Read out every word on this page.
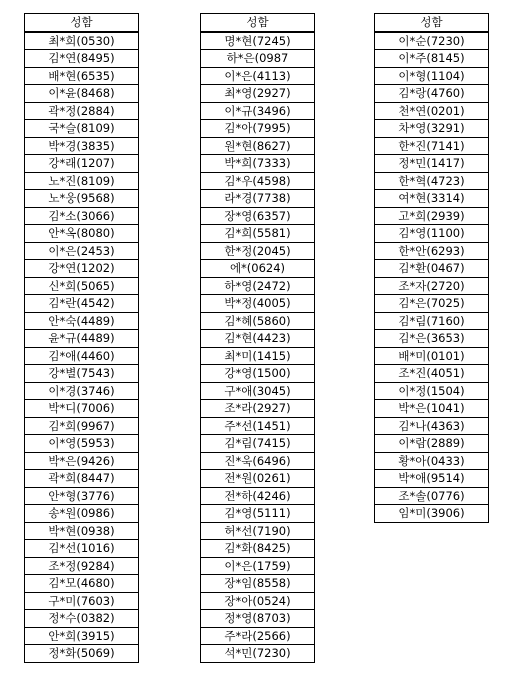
성함
최*희(0530)
김*연(8495)
배*현(6535)
이*윤(8468)
곽*정(2884)
국*슬(8109)
박*경(3835)
강*래(1207)
노*진(8109)
노*웅(9568)
김*소(3066)
안*옥(8080)
이*은(2453)
강*연(1202)
신*희(5065)
김*란(4542)
안*숙(4489)
윤*규(4489)
김*애(4460)
강*별(7543)
이*경(3746)
박*디(7006)
김*희(9967)
이*영(5953)
박*은(9426)
곽*희(8447)
안*형(3776)
송*원(0986)
박*현(0938)
김*선(1016)
조*정(9284)
김*모(4680)
구*미(7603)
정*수(0382)
안*희(3915)
정*화(5069)
성함
명*현(7245)
하*은(0987
이*은(4113)
최*영(2927)
이*규(3496)
김*아(7995)
원*현(8627)
박*희(7333)
김*우(4598)
라*경(7738)
장*영(6357)
김*희(5581)
한*정(2045)
에*(0624)
하*영(2472)
박*정(4005)
김*혜(5860)
김*현(4423)
최*미(1415)
강*영(1500)
구*애(3045)
조*라(2927)
주*선(1451)
김*림(7415)
진*욱(6496)
전*원(0261)
전*하(4246)
김*영(5111)
허*선(7190)
김*화(8425)
이*은(1759)
장*임(8558)
장*아(0524)
정*영(8703)
주*라(2566)
석*민(7230)
성함
이*순(7230)
이*주(8145)
이*형(1104)
김*랑(4760)
천*연(0201)
차*영(3291)
한*진(7141)
정*민(1417)
한*혁(4723)
여*현(3314)
고*희(2939)
김*영(1100)
한*안(6293)
김*환(0467)
조*자(2720)
김*은(7025)
김*림(7160)
김*은(3653)
배*미(0101)
조*진(4051)
이*정(1504)
박*은(1041)
김*나(4363)
이*람(2889)
황*아(0433)
박*애(9514)
조*솔(0776)
임*미(3906)
